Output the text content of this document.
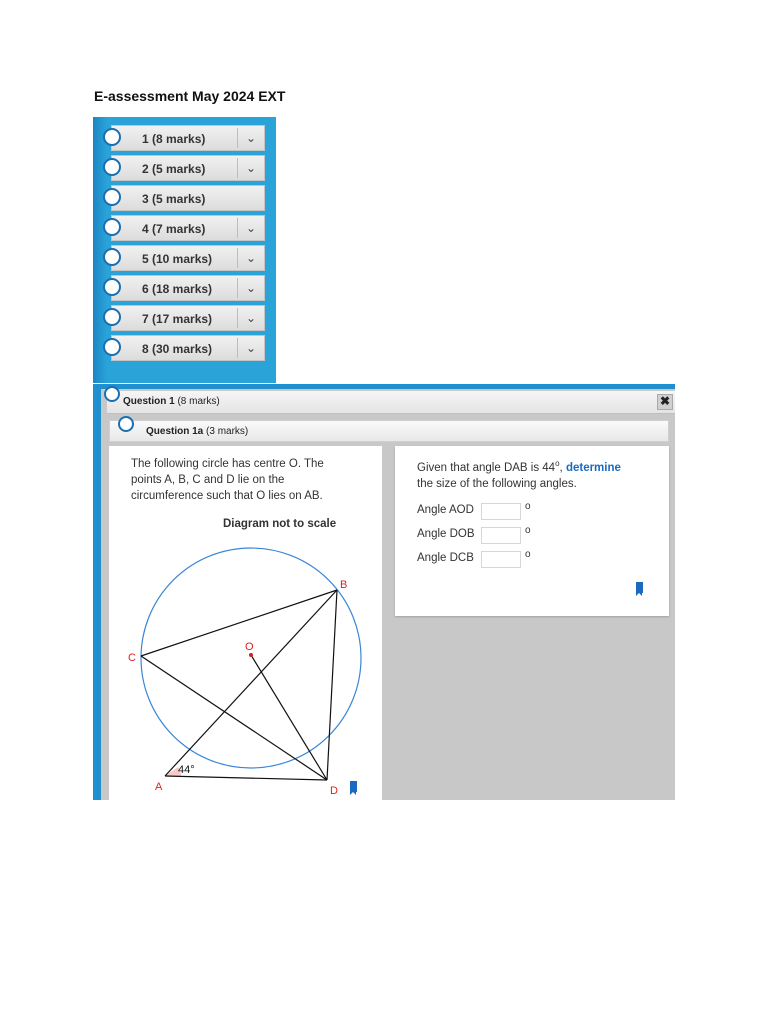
E-assessment May 2024 EXT
1 (8 marks)	⌄
2 (5 marks)	⌄
3 (5 marks)
4 (7 marks)	⌄
5 (10 marks)	⌄
6 (18 marks)	⌄
7 (17 marks)	⌄
8 (30 marks)	⌄
Question 1 (8 marks)	✖
Question 1a (3 marks)
The following circle has centre O. The
points A, B, C and D lie on the
circumference such that O lies on AB.
Diagram not to scale
B
C
O
A	D
44°
Given that angle DAB is 44$^o$, determine
the size of the following angles.
Angle AOD	o
Angle DOB	o
Angle DCB	o
